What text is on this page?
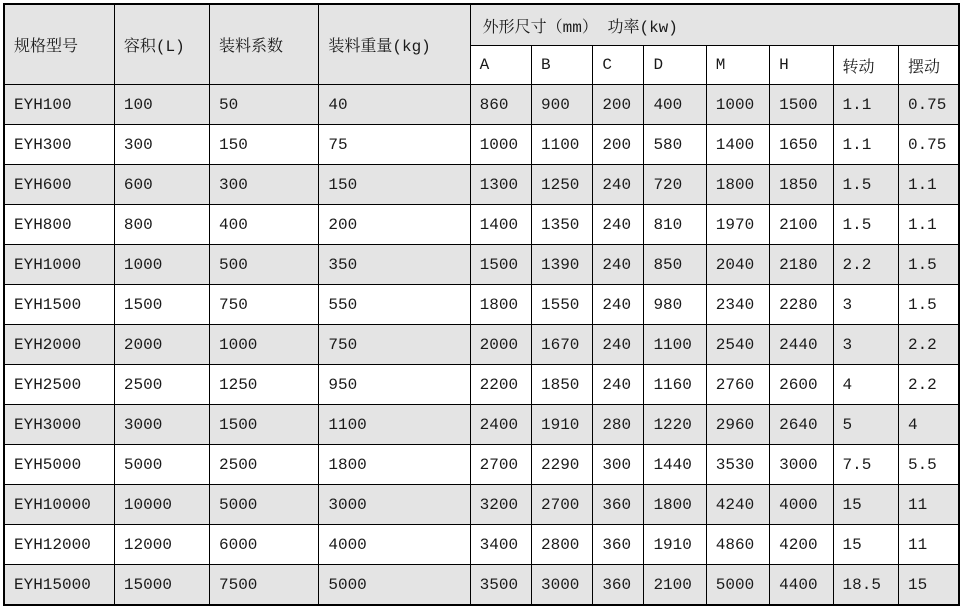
规格型号	容积(L)	装料系数	装料重量(kg)	外形尺寸（mm） 功率(kw)							
				A	B	C	D	M	H	转动	摆动
EYH100	100	50	40	860	900	200	400	1000	1500	1.1	0.75
EYH300	300	150	75	1000	1100	200	580	1400	1650	1.1	0.75
EYH600	600	300	150	1300	1250	240	720	1800	1850	1.5	1.1
EYH800	800	400	200	1400	1350	240	810	1970	2100	1.5	1.1
EYH1000	1000	500	350	1500	1390	240	850	2040	2180	2.2	1.5
EYH1500	1500	750	550	1800	1550	240	980	2340	2280	3	1.5
EYH2000	2000	1000	750	2000	1670	240	1100	2540	2440	3	2.2
EYH2500	2500	1250	950	2200	1850	240	1160	2760	2600	4	2.2
EYH3000	3000	1500	1100	2400	1910	280	1220	2960	2640	5	4
EYH5000	5000	2500	1800	2700	2290	300	1440	3530	3000	7.5	5.5
EYH10000	10000	5000	3000	3200	2700	360	1800	4240	4000	15	11
EYH12000	12000	6000	4000	3400	2800	360	1910	4860	4200	15	11
EYH15000	15000	7500	5000	3500	3000	360	2100	5000	4400	18.5	15
